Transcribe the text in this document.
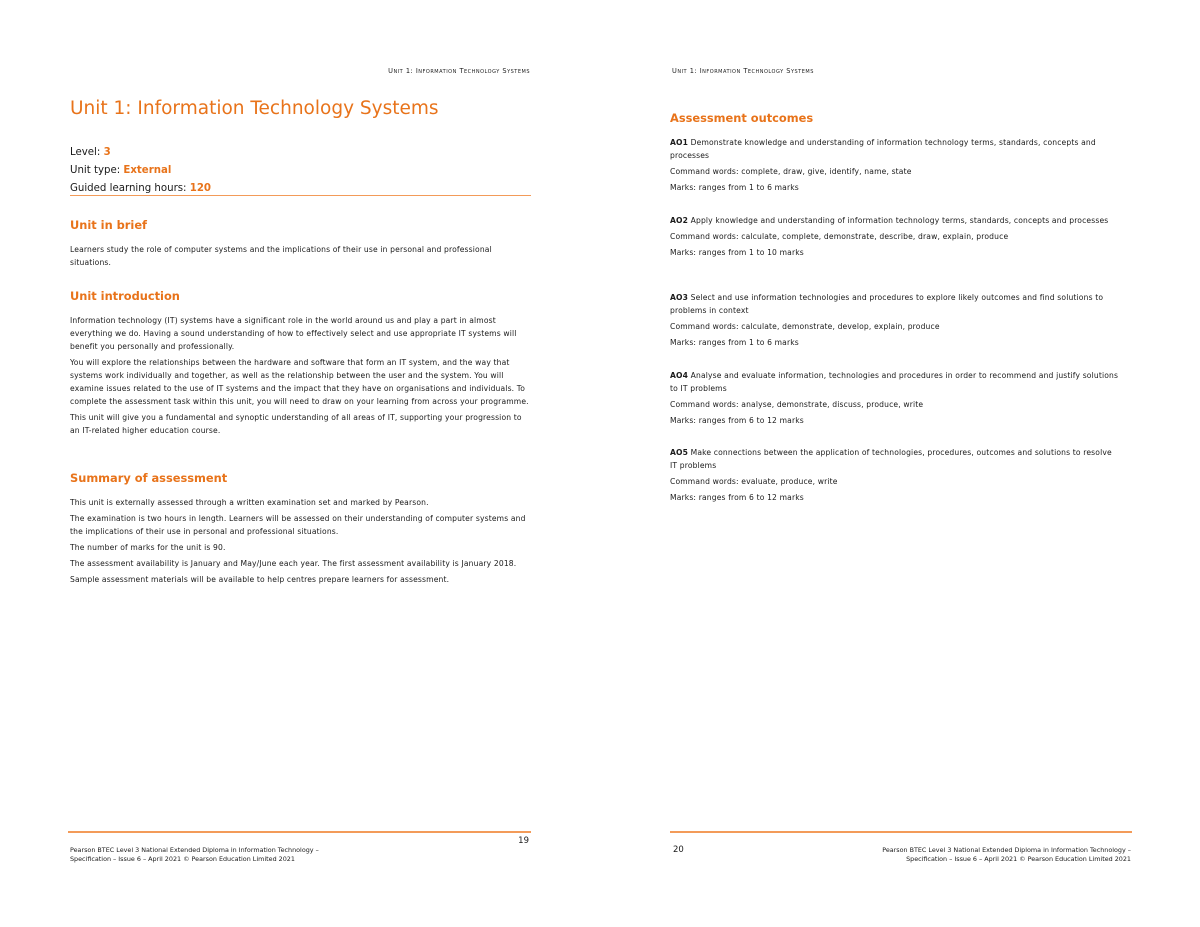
Unit 1: Information Technology Systems
Unit 1: Information Technology Systems
Level: 3
Unit type: External
Guided learning hours: 120
Unit in brief

Learners study the role of computer systems and the implications of their use in personal and professional situations.

Unit introduction

Information technology (IT) systems have a significant role in the world around us and play a part in almost everything we do. Having a sound understanding of how to effectively select and use appropriate IT systems will benefit you personally and professionally.

You will explore the relationships between the hardware and software that form an IT system, and the way that systems work individually and together, as well as the relationship between the user and the system. You will examine issues related to the use of IT systems and the impact that they have on organisations and individuals. To complete the assessment task within this unit, you will need to draw on your learning from across your programme.

This unit will give you a fundamental and synoptic understanding of all areas of IT, supporting your progression to an IT-related higher education course.

Summary of assessment

This unit is externally assessed through a written examination set and marked by Pearson.

The examination is two hours in length. Learners will be assessed on their understanding of computer systems and the implications of their use in personal and professional situations.

The number of marks for the unit is 90.

The assessment availability is January and May/June each year. The first assessment availability is January 2018.

Sample assessment materials will be available to help centres prepare learners for assessment.

19
Pearson BTEC Level 3 National Extended Diploma in Information Technology –
Specification – Issue 6 – April 2021 © Pearson Education Limited 2021
Unit 1: Information Technology Systems
Assessment outcomes

AO1 Demonstrate knowledge and understanding of information technology terms, standards, concepts and processes

Command words: complete, draw, give, identify, name, state

Marks: ranges from 1 to 6 marks

AO2 Apply knowledge and understanding of information technology terms, standards, concepts and processes

Command words: calculate, complete, demonstrate, describe, draw, explain, produce

Marks: ranges from 1 to 10 marks

AO3 Select and use information technologies and procedures to explore likely outcomes and find solutions to problems in context

Command words: calculate, demonstrate, develop, explain, produce

Marks: ranges from 1 to 6 marks

AO4 Analyse and evaluate information, technologies and procedures in order to recommend and justify solutions to IT problems

Command words: analyse, demonstrate, discuss, produce, write

Marks: ranges from 6 to 12 marks

AO5 Make connections between the application of technologies, procedures, outcomes and solutions to resolve IT problems

Command words: evaluate, produce, write

Marks: ranges from 6 to 12 marks

20	Pearson BTEC Level 3 National Extended Diploma in Information Technology –
Specification – Issue 6 – April 2021 © Pearson Education Limited 2021
